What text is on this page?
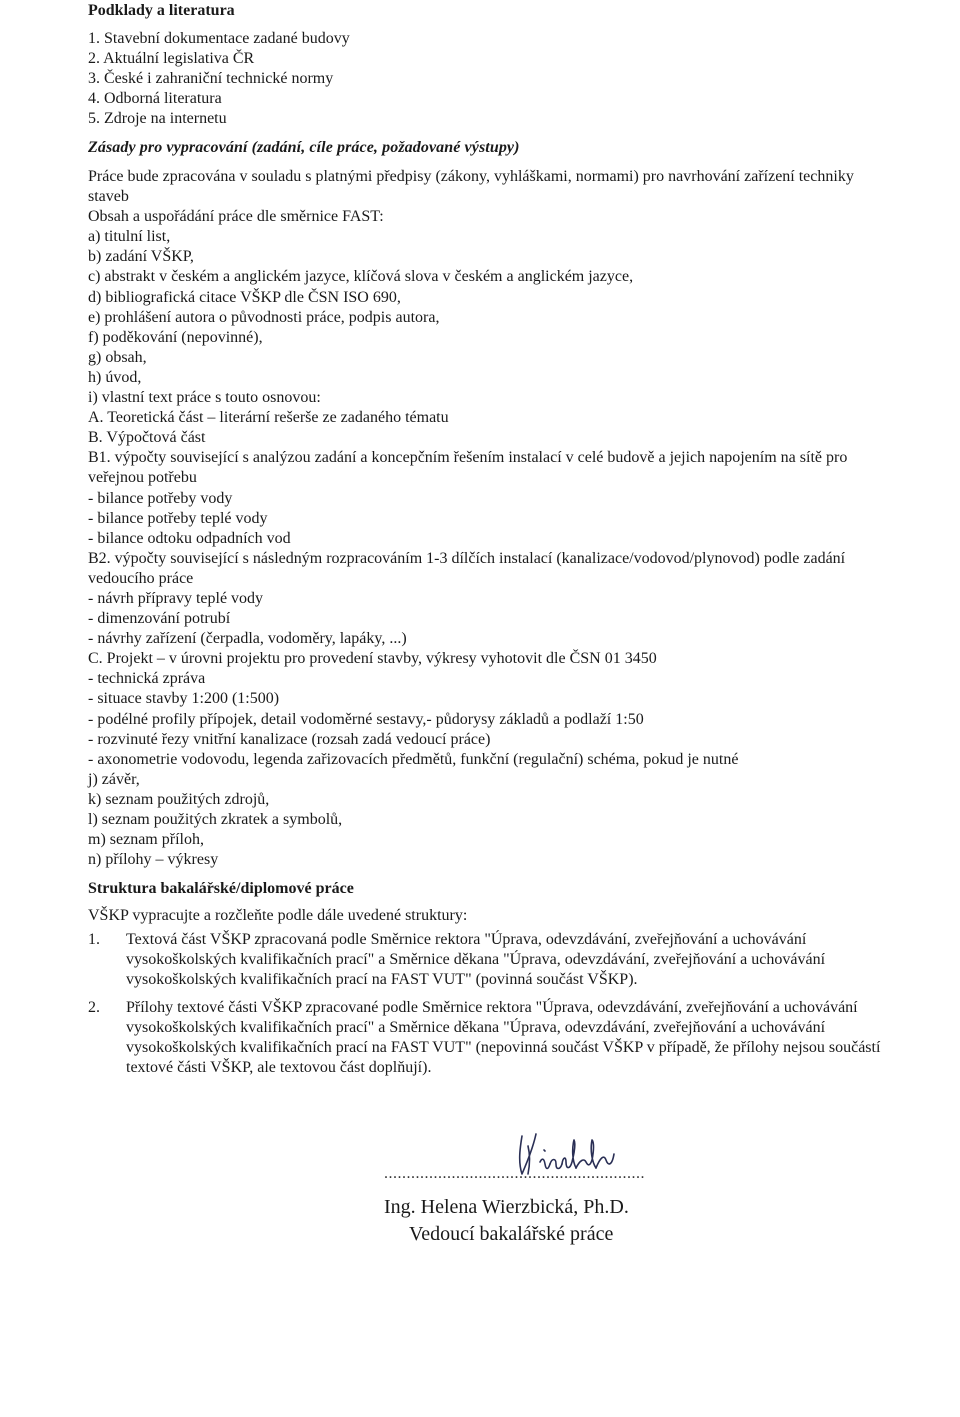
Podklady a literatura
1. Stavební dokumentace zadané budovy
2. Aktuální legislativa ČR
3. České i zahraniční technické normy
4. Odborná literatura
5. Zdroje na internetu
Zásady pro vypracování (zadání, cíle práce, požadované výstupy)
Práce bude zpracována v souladu s platnými předpisy (zákony, vyhláškami, normami) pro navrhování zařízení techniky
staveb
Obsah a uspořádání práce dle směrnice FAST:
a) titulní list,
b) zadání VŠKP,
c) abstrakt v českém a anglickém jazyce, klíčová slova v českém a anglickém jazyce,
d) bibliografická citace VŠKP dle ČSN ISO 690,
e) prohlášení autora o původnosti práce, podpis autora,
f) poděkování (nepovinné),
g) obsah,
h) úvod,
i) vlastní text práce s touto osnovou:
A. Teoretická část – literární rešerše ze zadaného tématu
B. Výpočtová část
B1. výpočty související s analýzou zadání a koncepčním řešením instalací v celé budově a jejich napojením na sítě pro
veřejnou potřebu
- bilance potřeby vody
- bilance potřeby teplé vody
- bilance odtoku odpadních vod
B2. výpočty související s následným rozpracováním 1-3 dílčích instalací (kanalizace/vodovod/plynovod) podle zadání
vedoucího práce
- návrh přípravy teplé vody
- dimenzování potrubí
- návrhy zařízení (čerpadla, vodoměry, lapáky, ...)
C. Projekt – v úrovni projektu pro provedení stavby, výkresy vyhotovit dle ČSN 01 3450
- technická zpráva
- situace stavby 1:200 (1:500)
- podélné profily přípojek, detail vodoměrné sestavy,- půdorysy základů a podlaží 1:50
- rozvinuté řezy vnitřní kanalizace (rozsah zadá vedoucí práce)
- axonometrie vodovodu, legenda zařizovacích předmětů, funkční (regulační) schéma, pokud je nutné
j) závěr,
k) seznam použitých zdrojů,
l) seznam použitých zkratek a symbolů,
m) seznam příloh,
n) přílohy – výkresy
Struktura bakalářské/diplomové práce
VŠKP vypracujte a rozčleňte podle dále uvedené struktury:
1.	Textová část VŠKP zpracovaná podle Směrnice rektora "Úprava, odevzdávání, zveřejňování a uchovávání
vysokoškolských kvalifikačních prací" a Směrnice děkana "Úprava, odevzdávání, zveřejňování a uchovávání
vysokoškolských kvalifikačních prací na FAST VUT" (povinná součást VŠKP).
2.	Přílohy textové části VŠKP zpracované podle Směrnice rektora "Úprava, odevzdávání, zveřejňování a uchovávání
vysokoškolských kvalifikačních prací" a Směrnice děkana "Úprava, odevzdávání, zveřejňování a uchovávání
vysokoškolských kvalifikačních prací na FAST VUT" (nepovinná součást VŠKP v případě, že přílohy nejsou součástí
textové části VŠKP, ale textovou část doplňují).
..........................................................
Ing. Helena Wierzbická, Ph.D.
Vedoucí bakalářské práce
